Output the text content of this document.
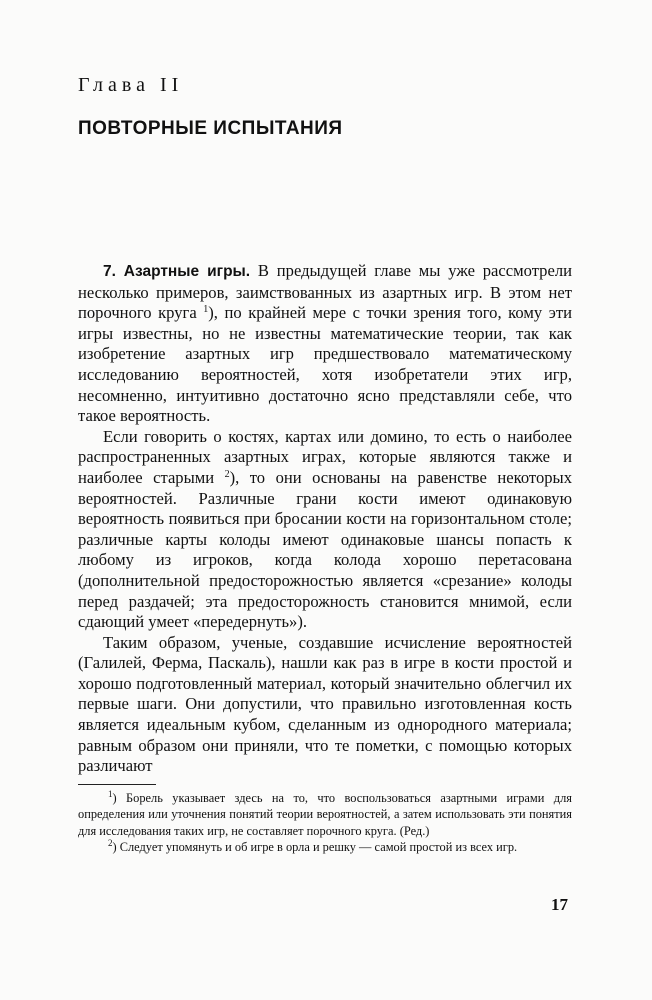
Глава II
ПОВТОРНЫЕ ИСПЫТАНИЯ

7. Азартные игры. В предыдущей главе мы уже рассмотрели несколько примеров, заимствованных из азартных игр. В этом нет порочного круга $^1$), по крайней мере с точки зрения того, кому эти игры известны, но не известны математические теории, так как изобретение азартных игр предшествовало математическому исследованию вероятностей, хотя изобретатели этих игр, несомненно, интуитивно достаточно ясно представляли себе, что такое вероятность.

Если говорить о костях, картах или домино, то есть о наиболее распространенных азартных играх, которые являются также и наиболее старыми $^2$), то они основаны на равенстве некоторых вероятностей. Различные грани кости имеют одинаковую вероятность появиться при бросании кости на горизонтальном столе; различные карты колоды имеют одинаковые шансы попасть к любому из игроков, когда колода хорошо перетасована (дополнительной предосторожностью является «срезание» колоды перед раздачей; эта предосторожность становится мнимой, если сдающий умеет «передернуть»).

Таким образом, ученые, создавшие исчисление вероятностей (Галилей, Ферма, Паскаль), нашли как раз в игре в кости простой и хорошо подготовленный материал, который значительно облегчил их первые шаги. Они допустили, что правильно изготовленная кость является идеальным кубом, сделанным из однородного материала; равным образом они приняли, что те пометки, с помощью которых различают

$^1$) Борель указывает здесь на то, что воспользоваться азартными играми для определения или уточнения понятий теории вероятностей, а затем использовать эти понятия для исследования таких игр, не составляет порочного круга. (Ред.)

$^2$) Следует упомянуть и об игре в орла и решку — самой простой из всех игр.

17
